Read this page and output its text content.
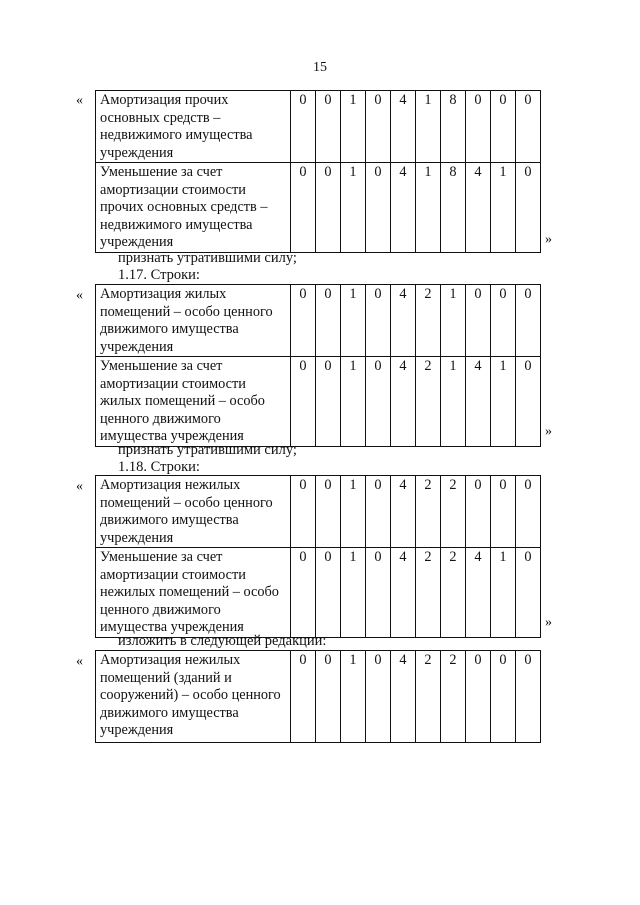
15
« Амортизация прочих основных средств – недвижимого имущества учреждения	0	0	1	0	4	1	8	0	0	0
Уменьшение за счет амортизации стоимости прочих основных средств – недвижимого имущества учреждения	0	0	1	0	4	1	8	4	1	0
»
признать утратившими силу;
1.17. Строки:
« Амортизация жилых помещений – особо ценного движимого имущества учреждения	0	0	1	0	4	2	1	0	0	0
Уменьшение за счет амортизации стоимости жилых помещений – особо ценного движимого имущества учреждения	0	0	1	0	4	2	1	4	1	0
»
признать утратившими силу;
1.18. Строки:
« Амортизация нежилых помещений – особо ценного движимого имущества учреждения	0	0	1	0	4	2	2	0	0	0
Уменьшение за счет амортизации стоимости нежилых помещений – особо ценного движимого имущества учреждения	0	0	1	0	4	2	2	4	1	0
»
изложить в следующей редакции:
« Амортизация нежилых помещений (зданий и сооружений) – особо ценного движимого имущества учреждения	0	0	1	0	4	2	2	0	0	0
